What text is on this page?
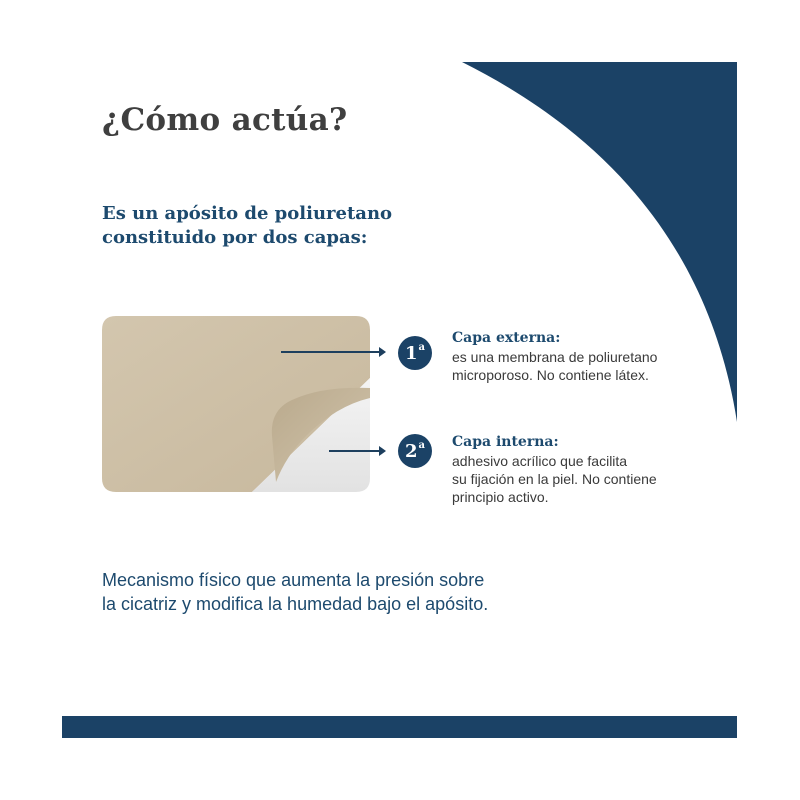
¿Cómo actúa?
Es un apósito de poliuretano
constituido por dos capas:
1$^a$
2$^a$
Capa externa:
es una membrana de poliuretano
microporoso. No contiene látex.
Capa interna:
adhesivo acrílico que facilita
su fijación en la piel. No contiene
principio activo.
Mecanismo físico que aumenta la presión sobre
la cicatriz y modifica la humedad bajo el apósito.
